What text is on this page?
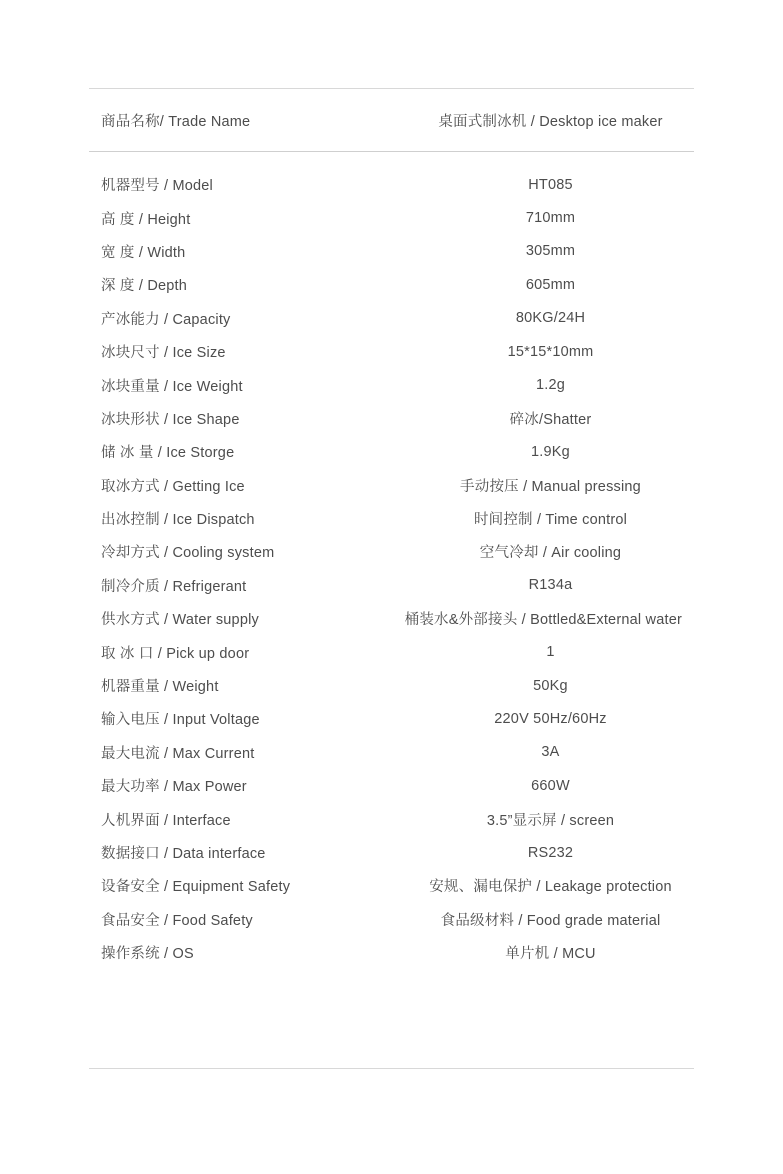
商品名称/ Trade Name	桌面式制冰机 / Desktop ice maker
机器型号 / Model	HT085
高 度 / Height	710mm
宽 度 / Width	305mm
深 度 / Depth	605mm
产冰能力 / Capacity	80KG/24H
冰块尺寸 / Ice Size	15*15*10mm
冰块重量 / Ice Weight	1.2g
冰块形状 / Ice Shape	碎冰/Shatter
储 冰 量 / Ice Storge	1.9Kg
取冰方式 / Getting Ice	手动按压 / Manual pressing
出冰控制 / Ice Dispatch	时间控制 / Time control
冷却方式 / Cooling system	空气冷却 / Air cooling
制冷介质 / Refrigerant	R134a
供水方式 / Water supply	桶装水&外部接头 / Bottled&External water
取 冰 口 / Pick up door	1
机器重量 / Weight	50Kg
输入电压 / Input Voltage	220V 50Hz/60Hz
最大电流 / Max Current	3A
最大功率 / Max Power	660W
人机界面 / Interface	3.5”显示屏 / screen
数据接口 / Data interface	RS232
设备安全 / Equipment Safety	安规、漏电保护 / Leakage protection
食品安全 / Food Safety	食品级材料 / Food grade material
操作系统 / OS	单片机 / MCU
